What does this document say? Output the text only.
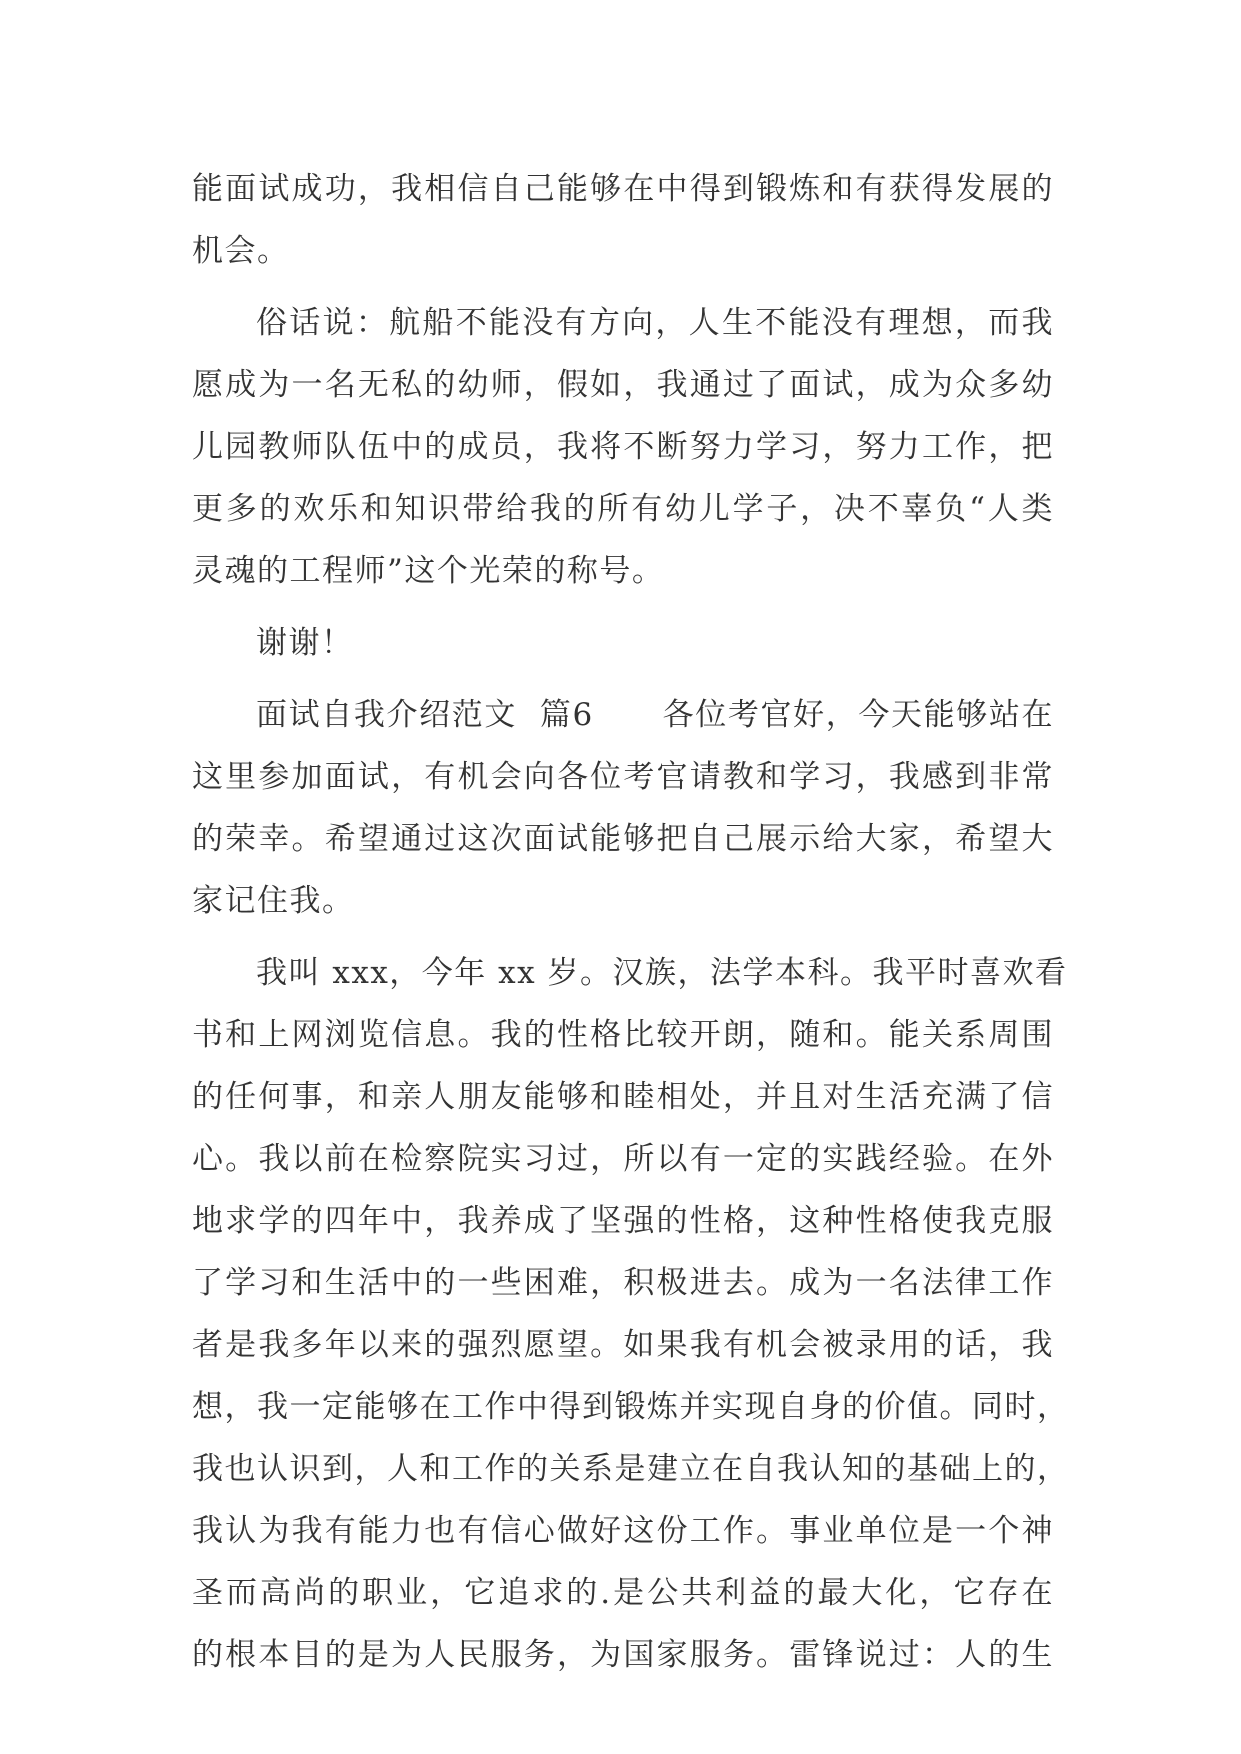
能面试成功，我相信自己能够在中得到锻炼和有获得发展的
机会。
俗话说：航船不能没有方向，人生不能没有理想，而我
愿成为一名无私的幼师，假如，我通过了面试，成为众多幼
儿园教师队伍中的成员，我将不断努力学习，努力工作，把
更多的欢乐和知识带给我的所有幼儿学子，决不辜负“人类
灵魂的工程师”这个光荣的称号。
谢谢！
面试自我介绍范文  篇6      各位考官好，今天能够站在
这里参加面试，有机会向各位考官请教和学习，我感到非常
的荣幸。希望通过这次面试能够把自己展示给大家，希望大
家记住我。
我叫 xxx，今年 xx 岁。汉族，法学本科。我平时喜欢看
书和上网浏览信息。我的性格比较开朗，随和。能关系周围
的任何事，和亲人朋友能够和睦相处，并且对生活充满了信
心。我以前在检察院实习过，所以有一定的实践经验。在外
地求学的四年中，我养成了坚强的性格，这种性格使我克服
了学习和生活中的一些困难，积极进去。成为一名法律工作
者是我多年以来的强烈愿望。如果我有机会被录用的话，我
想，我一定能够在工作中得到锻炼并实现自身的价值。同时，
我也认识到，人和工作的关系是建立在自我认知的基础上的，
我认为我有能力也有信心做好这份工作。事业单位是一个神
圣而高尚的职业，它追求的.是公共利益的最大化，它存在
的根本目的是为人民服务，为国家服务。雷锋说过：人的生
